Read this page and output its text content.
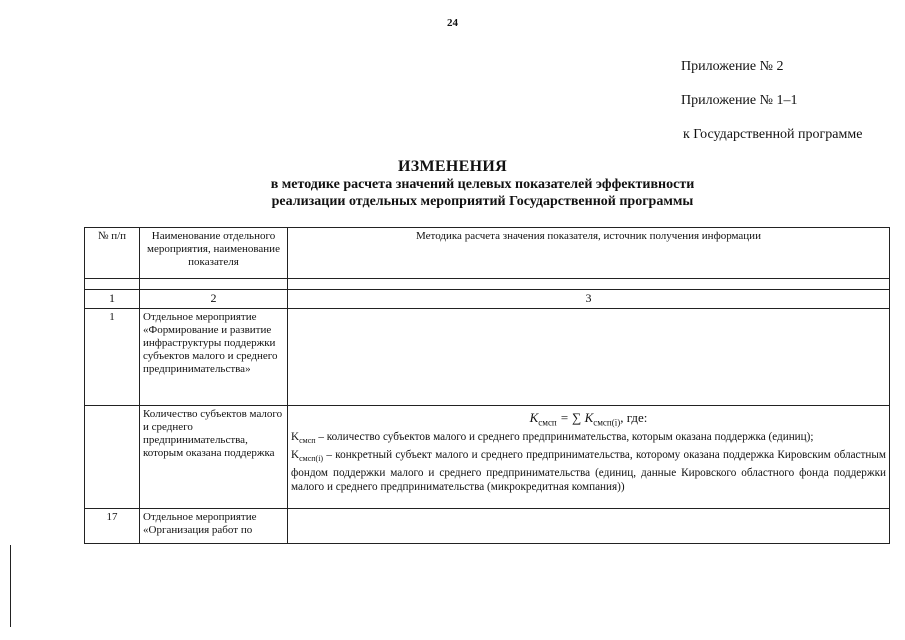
24
Приложение № 2
Приложение № 1–1
к Государственной программе
ИЗМЕНЕНИЯ
в методике расчета значений целевых показателей эффективности
реализации отдельных мероприятий Государственной программы
№ п/п	Наименование отдельного мероприятия, наименование показателя	Методика расчета значения показателя, источник получения информации

1	2	3
1	Отдельное мероприятие «Формирование и развитие инфраструктуры поддержки субъектов малого и среднего предпринимательства»	
	Количество субъектов малого и среднего предпринимательства, которым оказана поддержка	$K_{смсп}$ = ∑ $K_{смсп(i)}$, где:
$K_{смсп}$ – количество субъектов малого и среднего предпринимательства, которым оказана поддержка (единиц);
$K_{смсп(i)}$ – конкретный субъект малого и среднего предпринимательства, которому оказана поддержка Кировским областным фондом поддержки малого и среднего предпринимательства (единиц, данные Кировского областного фонда поддержки малого и среднего предпринимательства (микрокредитная компания))

17	Отдельное мероприятие «Организация работ по	
